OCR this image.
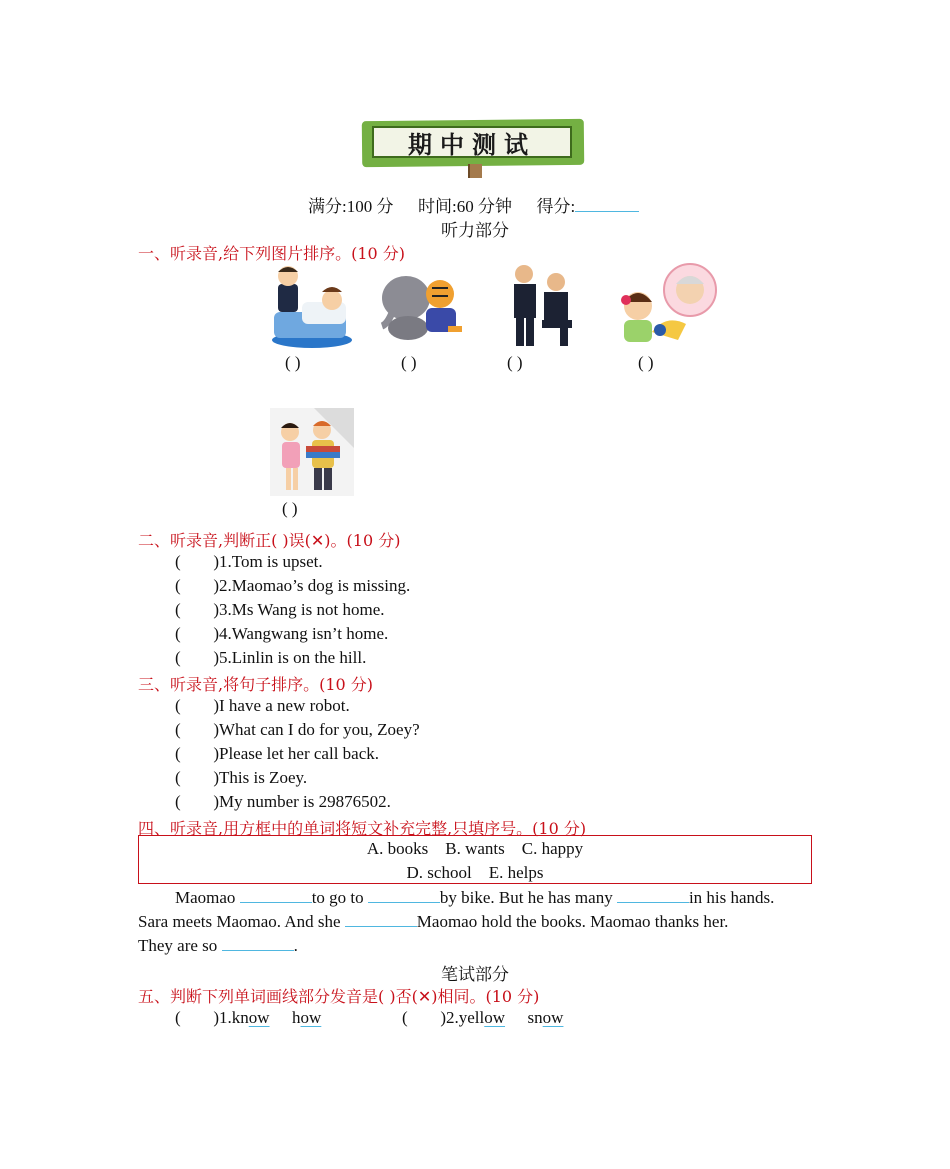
期中测试
满分:100 分 时间:60 分钟 得分:
听力部分
一、听录音,给下列图片排序。(10 分)
( )	( )	( )	( )
( )
二、听录音,判断正( )误(✕)。(10 分)
( ) 1.Tom is upset.
( ) 2.Maomao’s dog is missing.
( ) 3.Ms Wang is not home.
( ) 4.Wangwang isn’t home.
( ) 5.Linlin is on the hill.
三、听录音,将句子排序。(10 分)
( ) I have a new robot.
( ) What can I do for you, Zoey?
( ) Please let her call back.
( ) This is Zoey.
( ) My number is 29876502.
四、听录音,用方框中的单词将短文补充完整,只填序号。(10 分)
A. books    B. wants    C. happy
D. school    E. helps
Maomao	to go to	by bike. But he has many	in his hands.
Sara meets Maomao. And she	Maomao hold the books. Maomao thanks her.
They are so	.
笔试部分
五、判断下列单词画线部分发音是( )否(✕)相同。(10 分)
( ) 1.know how	( ) 2.yellow snow
